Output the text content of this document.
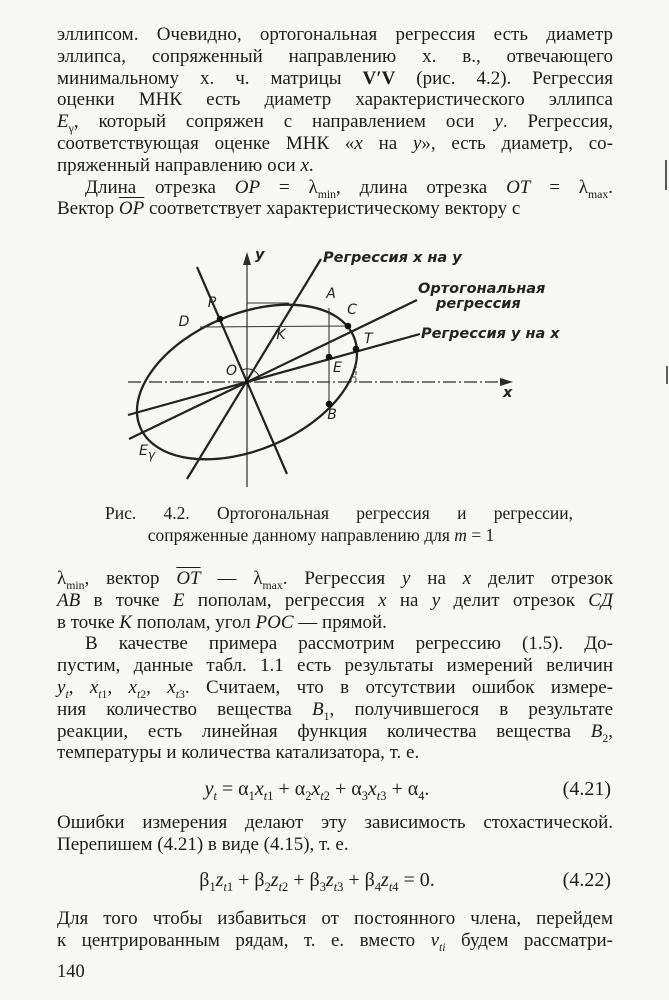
эллипсом. Очевидно, ортогональная регрессия есть диаметр
эллипса, сопряженный направлению х. в., отвечающего
минимальному х. ч. матрицы V′V (рис. 4.2). Регрессия
оценки МНК есть диаметр характеристического эллипса
$E_\gamma$, который сопряжен с направлением оси y. Регрессия,
соответствующая оценке МНК «x на y», есть диаметр, со-
пряженный направлению оси x.
Длина отрезка OP = $\lambda_{min}$, длина отрезка OT = $\lambda_{max}$.
Вектор $\overline{OP}$ соответствует характеристическому вектору с
Регрессия x на y
Ортогональная
регрессия
Регрессия y на x
x
y
P
D
A
C
K	T
E
B
O
Eγ
Рис. 4.2. Ортогональная регрессия и регрессии,
сопряженные данному направлению для m = 1
$\lambda_{min}$, вектор $\overline{OT}$ — $\lambda_{max}$. Регрессия y на x делит отрезок
AB в точке E пополам, регрессия x на y делит отрезок СД
в точке K пополам, угол POC — прямой.
В качестве примера рассмотрим регрессию (1.5). До-
пустим, данные табл. 1.1 есть результаты измерений величин
$y_t$, $x_{t1}$, $x_{t2}$, $x_{t3}$. Считаем, что в отсутствии ошибок измере-
ния количество вещества $B_1$, получившегося в результате
реакции, есть линейная функция количества вещества $B_2$,
температуры и количества катализатора, т. е.
$y_t = \alpha_1x_{t1} + \alpha_2x_{t2} + \alpha_3x_{t3} + \alpha_4$.	(4.21)
Ошибки измерения делают эту зависимость стохастической.
Перепишем (4.21) в виде (4.15), т. е.
$\beta_1z_{t1} + \beta_2z_{t2} + \beta_3z_{t3} + \beta_4z_{t4} = 0$.	(4.22)
Для того чтобы избавиться от постоянного члена, перейдем
к центрированным рядам, т. е. вместо $v_{ti}$ будем рассматри-
140
